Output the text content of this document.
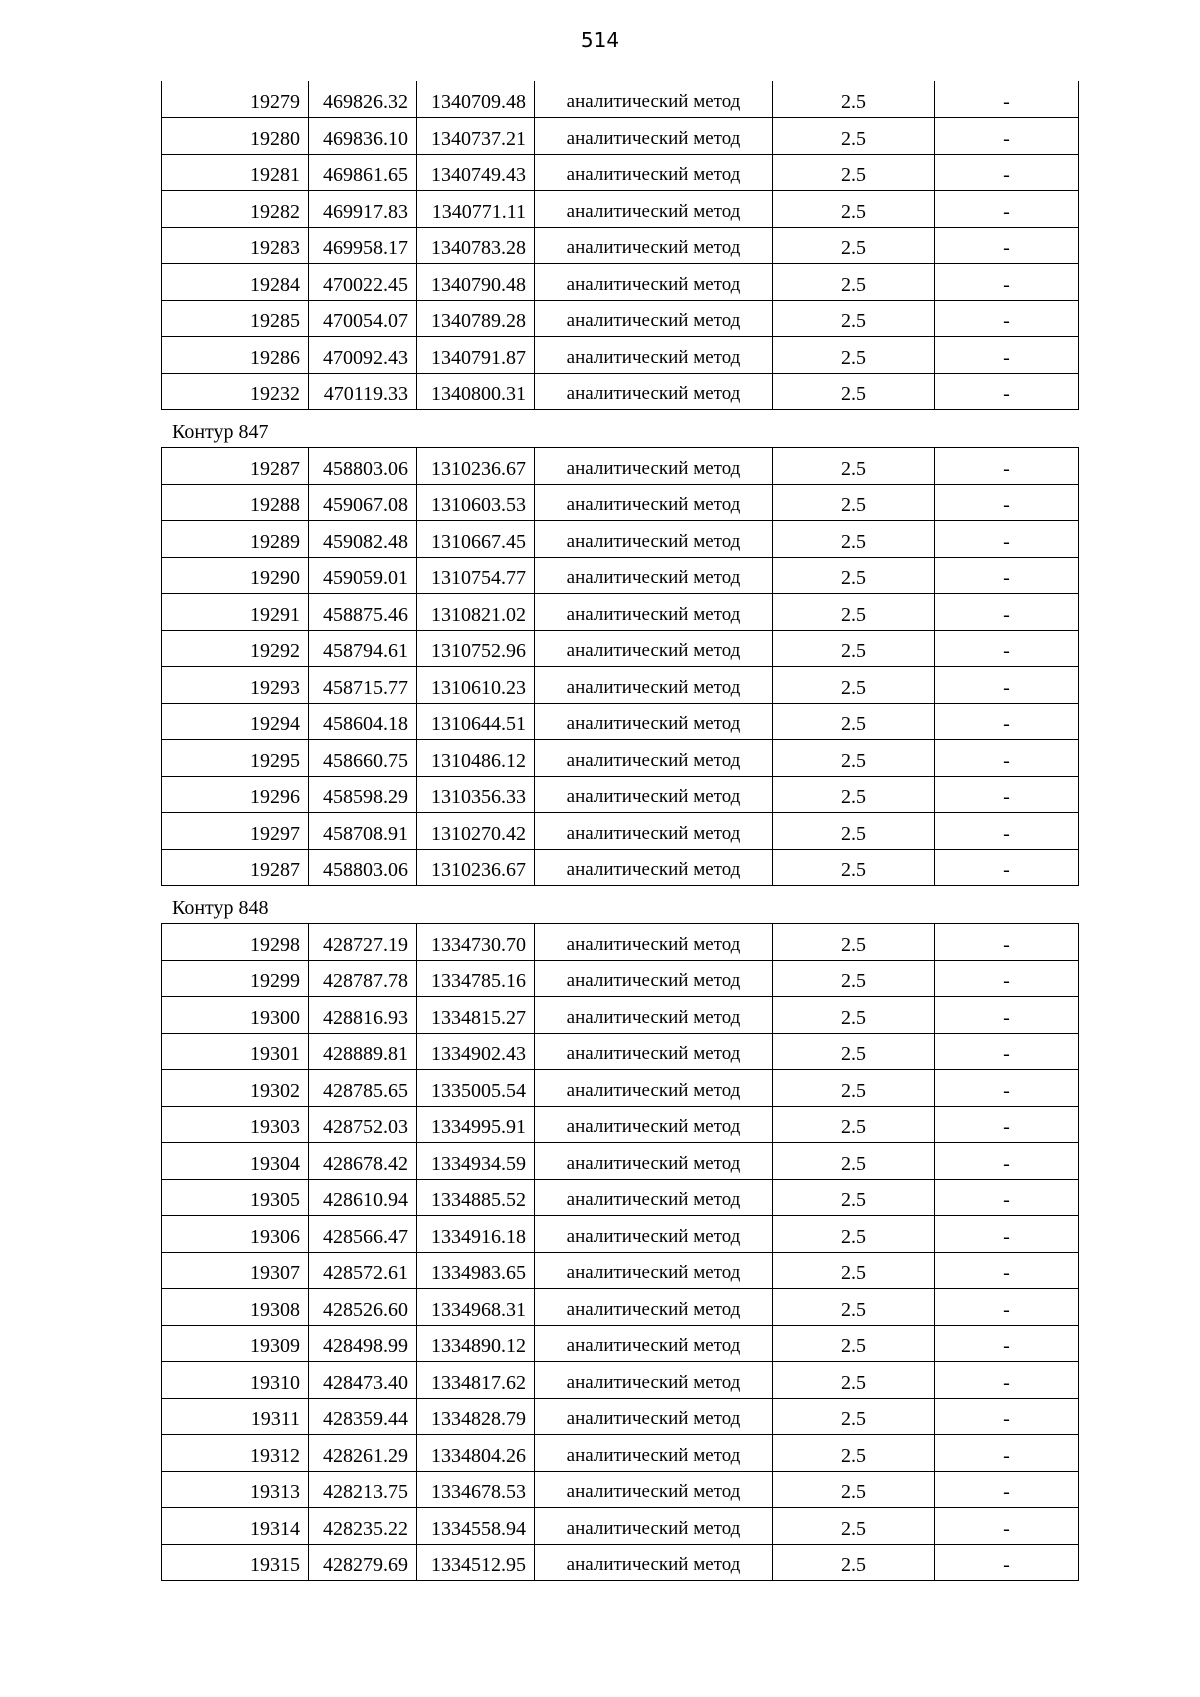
514
19279	469826.32	1340709.48	аналитический метод	2.5	-
19280	469836.10	1340737.21	аналитический метод	2.5	-
19281	469861.65	1340749.43	аналитический метод	2.5	-
19282	469917.83	1340771.11	аналитический метод	2.5	-
19283	469958.17	1340783.28	аналитический метод	2.5	-
19284	470022.45	1340790.48	аналитический метод	2.5	-
19285	470054.07	1340789.28	аналитический метод	2.5	-
19286	470092.43	1340791.87	аналитический метод	2.5	-
19232	470119.33	1340800.31	аналитический метод	2.5	-
Контур 847
19287	458803.06	1310236.67	аналитический метод	2.5	-
19288	459067.08	1310603.53	аналитический метод	2.5	-
19289	459082.48	1310667.45	аналитический метод	2.5	-
19290	459059.01	1310754.77	аналитический метод	2.5	-
19291	458875.46	1310821.02	аналитический метод	2.5	-
19292	458794.61	1310752.96	аналитический метод	2.5	-
19293	458715.77	1310610.23	аналитический метод	2.5	-
19294	458604.18	1310644.51	аналитический метод	2.5	-
19295	458660.75	1310486.12	аналитический метод	2.5	-
19296	458598.29	1310356.33	аналитический метод	2.5	-
19297	458708.91	1310270.42	аналитический метод	2.5	-
19287	458803.06	1310236.67	аналитический метод	2.5	-
Контур 848
19298	428727.19	1334730.70	аналитический метод	2.5	-
19299	428787.78	1334785.16	аналитический метод	2.5	-
19300	428816.93	1334815.27	аналитический метод	2.5	-
19301	428889.81	1334902.43	аналитический метод	2.5	-
19302	428785.65	1335005.54	аналитический метод	2.5	-
19303	428752.03	1334995.91	аналитический метод	2.5	-
19304	428678.42	1334934.59	аналитический метод	2.5	-
19305	428610.94	1334885.52	аналитический метод	2.5	-
19306	428566.47	1334916.18	аналитический метод	2.5	-
19307	428572.61	1334983.65	аналитический метод	2.5	-
19308	428526.60	1334968.31	аналитический метод	2.5	-
19309	428498.99	1334890.12	аналитический метод	2.5	-
19310	428473.40	1334817.62	аналитический метод	2.5	-
19311	428359.44	1334828.79	аналитический метод	2.5	-
19312	428261.29	1334804.26	аналитический метод	2.5	-
19313	428213.75	1334678.53	аналитический метод	2.5	-
19314	428235.22	1334558.94	аналитический метод	2.5	-
19315	428279.69	1334512.95	аналитический метод	2.5	-
